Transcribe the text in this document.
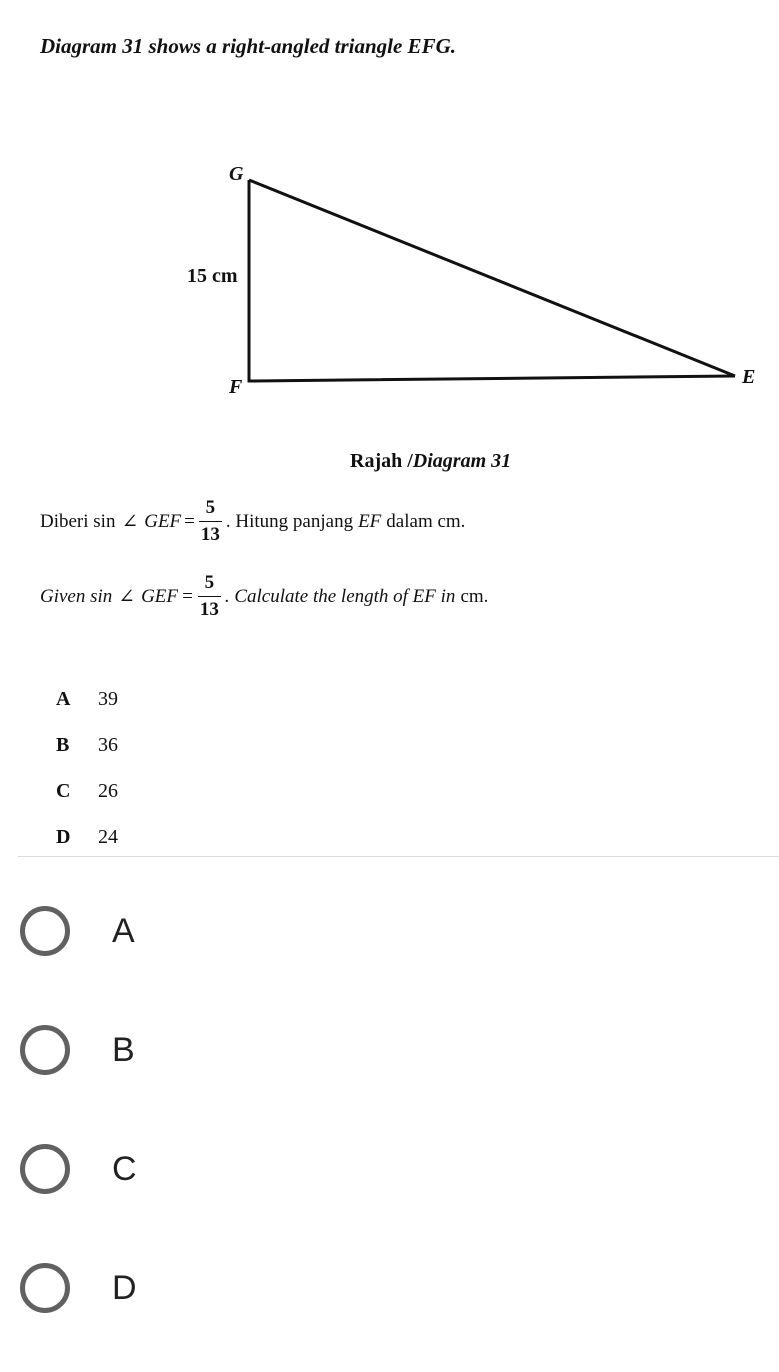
Diagram 31 shows a right-angled triangle EFG.
G
F	E
15 cm
Rajah /Diagram 31
Diberi sin ∠ GEF = $\frac{5}{13}$ . Hitung panjang EF dalam cm.
Given sin ∠ GEF = $\frac{5}{13}$ . Calculate the length of EF in cm.
A	39
B	36
C	26
D	24
A
B
C
D
